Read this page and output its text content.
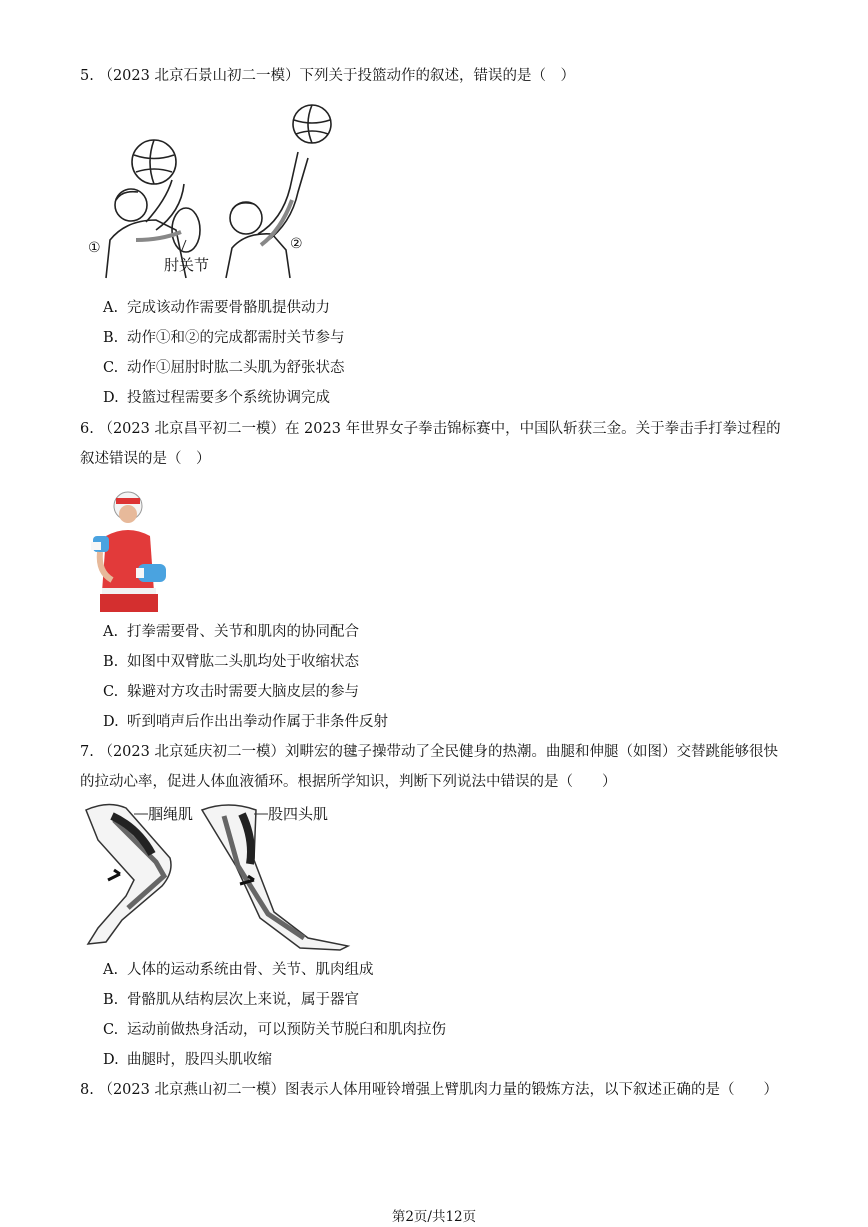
5. （2023 北京石景山初二一模）下列关于投篮动作的叙述，错误的是（　）
①	②
肘关节
A. 完成该动作需要骨骼肌提供动力
B. 动作①和②的完成都需肘关节参与
C. 动作①屈肘时肱二头肌为舒张状态
D. 投篮过程需要多个系统协调完成
6. （2023 北京昌平初二一模）在 2023 年世界女子拳击锦标赛中，中国队斩获三金。关于拳击手打拳过程的
叙述错误的是（　）
A. 打拳需要骨、关节和肌肉的协同配合
B. 如图中双臂肱二头肌均处于收缩状态
C. 躲避对方攻击时需要大脑皮层的参与
D. 听到哨声后作出出拳动作属于非条件反射
7. （2023 北京延庆初二一模）刘畊宏的毽子操带动了全民健身的热潮。曲腿和伸腿（如图）交替跳能够很快
的拉动心率，促进人体血液循环。根据所学知识，判断下列说法中错误的是（　　）
腘绳肌	股四头肌
A. 人体的运动系统由骨、关节、肌肉组成
B. 骨骼肌从结构层次上来说，属于器官
C. 运动前做热身活动，可以预防关节脱臼和肌肉拉伤
D. 曲腿时，股四头肌收缩
8. （2023 北京燕山初二一模）图表示人体用哑铃增强上臂肌肉力量的锻炼方法，以下叙述正确的是（　　）
第2页/共12页
